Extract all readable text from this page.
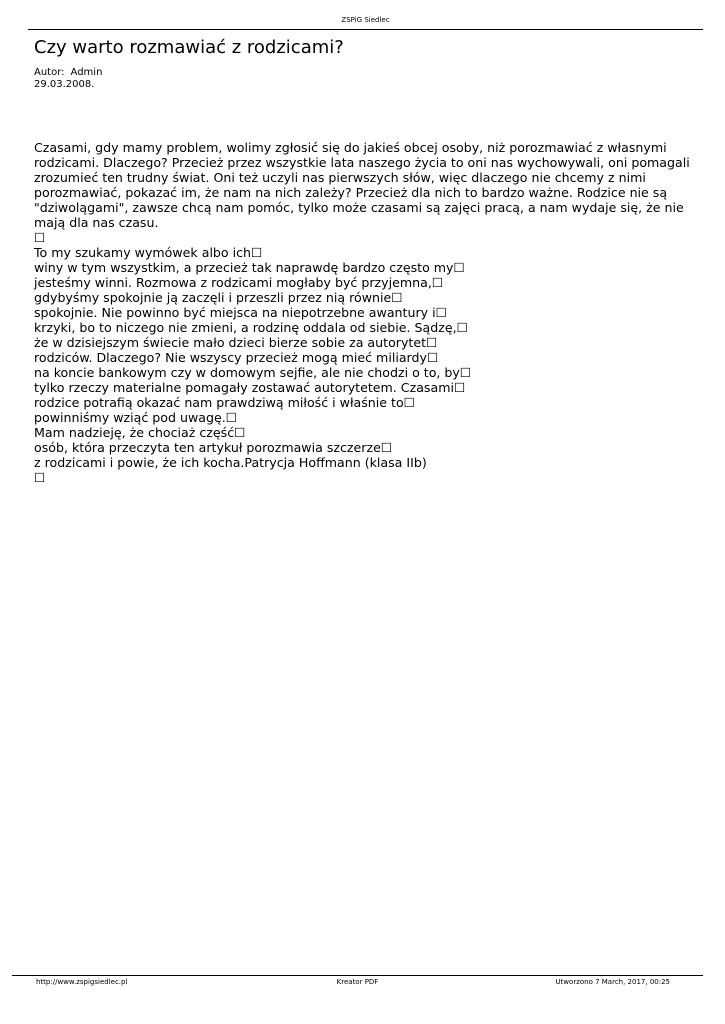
ZSPiG Siedlec
Czy warto rozmawiać z rodzicami?
Autor: Admin
29.03.2008.
Czasami, gdy mamy problem, wolimy zgłosić się do jakieś obcej osoby, niż porozmawiać z własnymi
rodzicami. Dlaczego? Przecież przez wszystkie lata naszego życia to oni nas wychowywali, oni pomagali
zrozumieć ten trudny świat. Oni też uczyli nas pierwszych słów, więc dlaczego nie chcemy z nimi
porozmawiać, pokazać im, że nam na nich zależy? Przecież dla nich to bardzo ważne. Rodzice nie są
"dziwolągami", zawsze chcą nam pomóc, tylko może czasami są zajęci pracą, a nam wydaje się, że nie
mają dla nas czasu.
☐
To my szukamy wymówek albo ich☐
winy w tym wszystkim, a przecież tak naprawdę bardzo często my☐
jesteśmy winni. Rozmowa z rodzicami mogłaby być przyjemna,☐
gdybyśmy spokojnie ją zaczęli i przeszli przez nią równie☐
spokojnie. Nie powinno być miejsca na niepotrzebne awantury i☐
krzyki, bo to niczego nie zmieni, a rodzinę oddala od siebie. Sądzę,☐
że w dzisiejszym świecie mało dzieci bierze sobie za autorytet☐
rodziców. Dlaczego? Nie wszyscy przecież mogą mieć miliardy☐
na koncie bankowym czy w domowym sejfie, ale nie chodzi o to, by☐
tylko rzeczy materialne pomagały zostawać autorytetem. Czasami☐
rodzice potrafią okazać nam prawdziwą miłość i właśnie to☐
powinniśmy wziąć pod uwagę.☐
Mam nadzieję, że chociaż część☐
osób, która przeczyta ten artykuł porozmawia szczerze☐
z rodzicami i powie, że ich kocha.Patrycja Hoffmann (klasa IIb)
☐
http://www.zspigsiedlec.pl	Kreator PDF	Utworzono 7 March, 2017, 00:25
